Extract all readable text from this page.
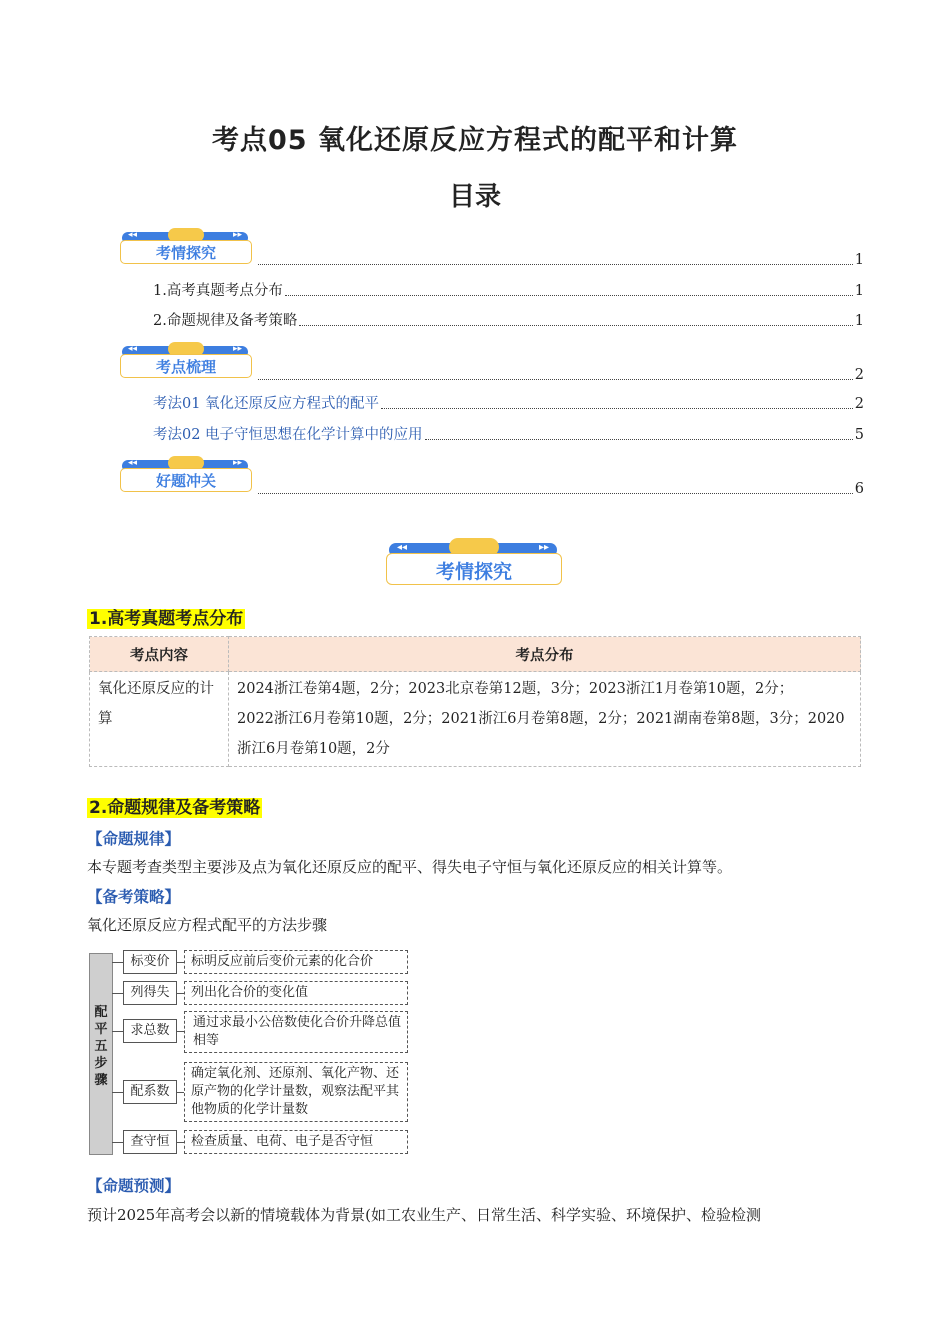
考点05 氧化还原反应方程式的配平和计算
目录
◂◂	▸▸
考情探究	1
1.高考真题考点分布	1
2.命题规律及备考策略	1
◂◂	▸▸
考点梳理	2
考法01 氧化还原反应方程式的配平	2
考法02 电子守恒思想在化学计算中的应用	5
◂◂	▸▸
好题冲关	6
◂◂	▸▸
考情探究
1.高考真题考点分布
考点内容	考点分布
氧化还原反应的计算	2024浙江卷第4题，2分；2023北京卷第12题，3分；2023浙江1月卷第10题，2分；
2022浙江6月卷第10题，2分；2021浙江6月卷第8题，2分；2021湖南卷第8题，3分；2020浙江6月卷第10题，2分
2.命题规律及备考策略
【命题规律】
本专题考查类型主要涉及点为氧化还原反应的配平、得失电子守恒与氧化还原反应的相关计算等。
【备考策略】
氧化还原反应方程式配平的方法步骤
配
平
五
步
骤
标变价	标明反应前后变价元素的化合价
列得失	列出化合价的变化值
求总数
通过求最小公倍数使化合价升降总值相等
配系数
确定氧化剂、还原剂、氧化产物、还原产物的化学计量数，观察法配平其他物质的化学计量数
查守恒	检查质量、电荷、电子是否守恒
【命题预测】
预计2025年高考会以新的情境载体为背景(如工农业生产、日常生活、科学实验、环境保护、检验检测
